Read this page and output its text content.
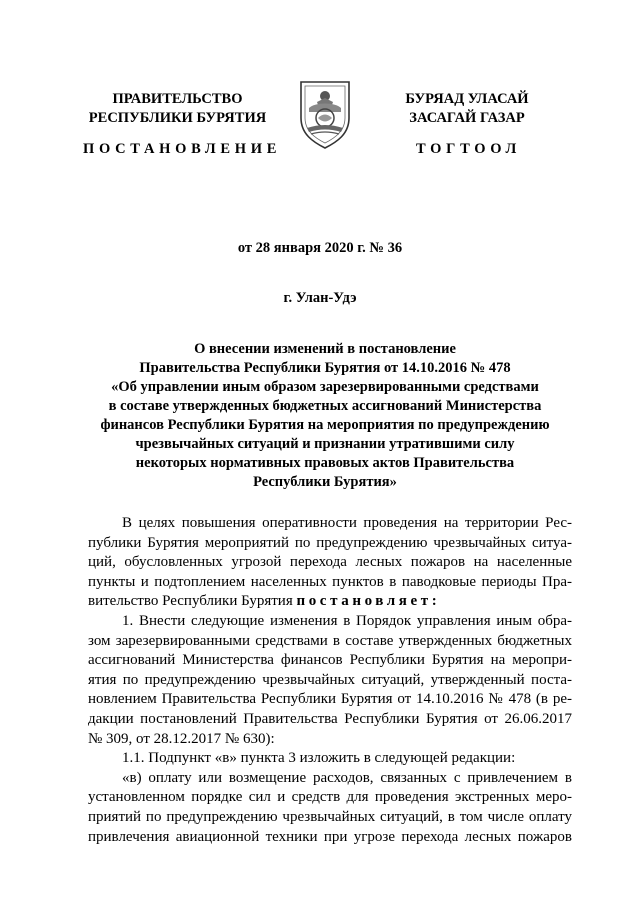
ПРАВИТЕЛЬСТВО
РЕСПУБЛИКИ БУРЯТИЯ

БУРЯАД УЛАСАЙ
ЗАСАГАЙ ГАЗАР

ПОСТАНОВЛЕНИЕ	ТОГТООЛ

от 28 января 2020 г. № 36

г. Улан-Удэ

О внесении изменений в постановление
Правительства Республики Бурятия от 14.10.2016 № 478
«Об управлении иным образом зарезервированными средствами
в составе утвержденных бюджетных ассигнований Министерства
финансов Республики Бурятия на мероприятия по предупреждению
чрезвычайных ситуаций и признании утратившими силу
некоторых нормативных правовых актов Правительства
Республики Бурятия»
В целях повышения оперативности проведения на территории Рес-
публики Бурятия мероприятий по предупреждению чрезвычайных ситуа-
ций, обусловленных угрозой перехода лесных пожаров на населенные
пункты и подтоплением населенных пунктов в паводковые периоды Пра-
вительство Республики Бурятия постановляет:
1. Внести следующие изменения в Порядок управления иным обра-
зом зарезервированными средствами в составе утвержденных бюджетных
ассигнований Министерства финансов Республики Бурятия на меропри-
ятия по предупреждению чрезвычайных ситуаций, утвержденный поста-
новлением Правительства Республики Бурятия от 14.10.2016 № 478 (в ре-
дакции постановлений Правительства Республики Бурятия от 26.06.2017
№ 309, от 28.12.2017 № 630):
1.1. Подпункт «в» пункта 3 изложить в следующей редакции:
«в) оплату или возмещение расходов, связанных с привлечением в
установленном порядке сил и средств для проведения экстренных меро-
приятий по предупреждению чрезвычайных ситуаций, в том числе оплату
привлечения авиационной техники при угрозе перехода лесных пожаров
